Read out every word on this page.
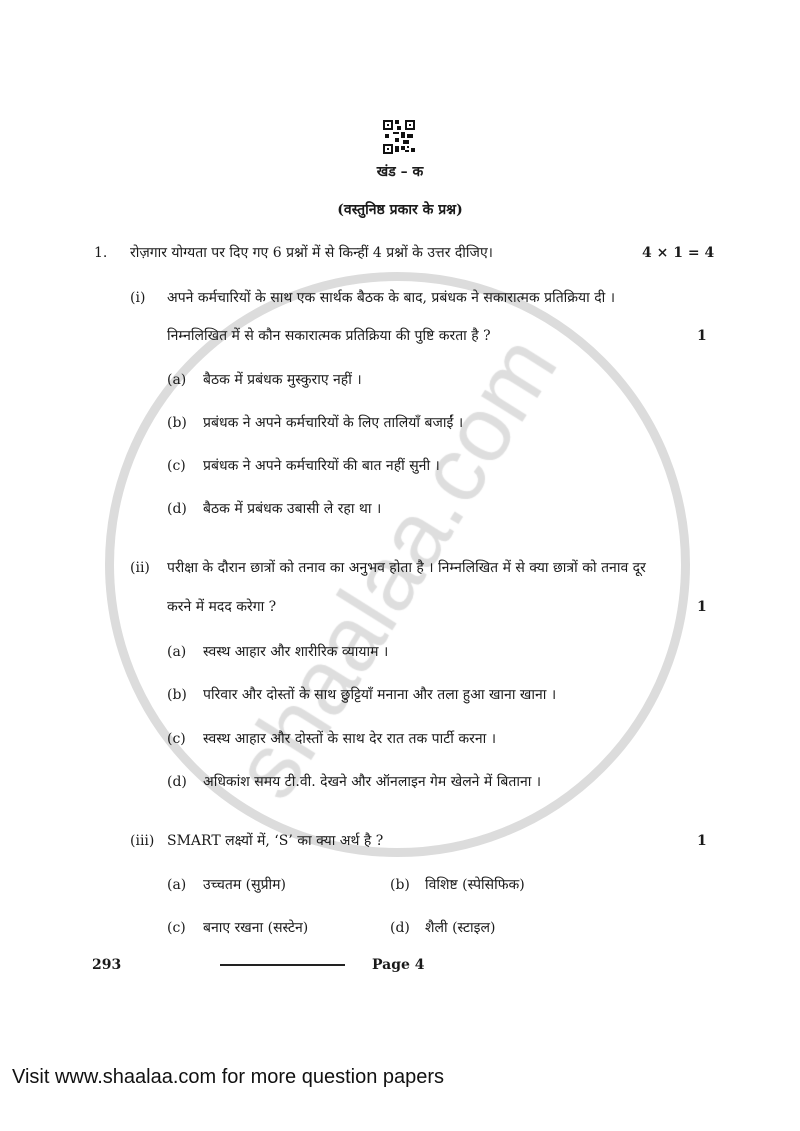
खंड – क
(वस्तुनिष्ठ प्रकार के प्रश्न)
1. रोज़गार योग्यता पर दिए गए 6 प्रश्नों में से किन्हीं 4 प्रश्नों के उत्तर दीजिए।	4 × 1 = 4
(i) अपने कर्मचारियों के साथ एक सार्थक बैठक के बाद, प्रबंधक ने सकारात्मक प्रतिक्रिया दी ।
निम्नलिखित में से कौन सकारात्मक प्रतिक्रिया की पुष्टि करता है ?	1
(a) बैठक में प्रबंधक मुस्कुराए नहीं ।
(b) प्रबंधक ने अपने कर्मचारियों के लिए तालियाँ बजाईं ।
(c) प्रबंधक ने अपने कर्मचारियों की बात नहीं सुनी ।
(d) बैठक में प्रबंधक उबासी ले रहा था ।
(ii) परीक्षा के दौरान छात्रों को तनाव का अनुभव होता है । निम्नलिखित में से क्या छात्रों को तनाव दूर
करने में मदद करेगा ?	1
(a) स्वस्थ आहार और शारीरिक व्यायाम ।
(b) परिवार और दोस्तों के साथ छुट्टियाँ मनाना और तला हुआ खाना खाना ।
(c) स्वस्थ आहार और दोस्तों के साथ देर रात तक पार्टी करना ।
(d) अधिकांश समय टी.वी. देखने और ऑनलाइन गेम खेलने में बिताना ।
(iii) SMART लक्ष्यों में, ‘S’ का क्या अर्थ है ?	1
(a) उच्चतम (सुप्रीम)	(b) विशिष्ट (स्पेसिफिक)
(c) बनाए रखना (सस्टेन)	(d) शैली (स्टाइल)
293	Page 4
Visit www.shaalaa.com for more question papers
